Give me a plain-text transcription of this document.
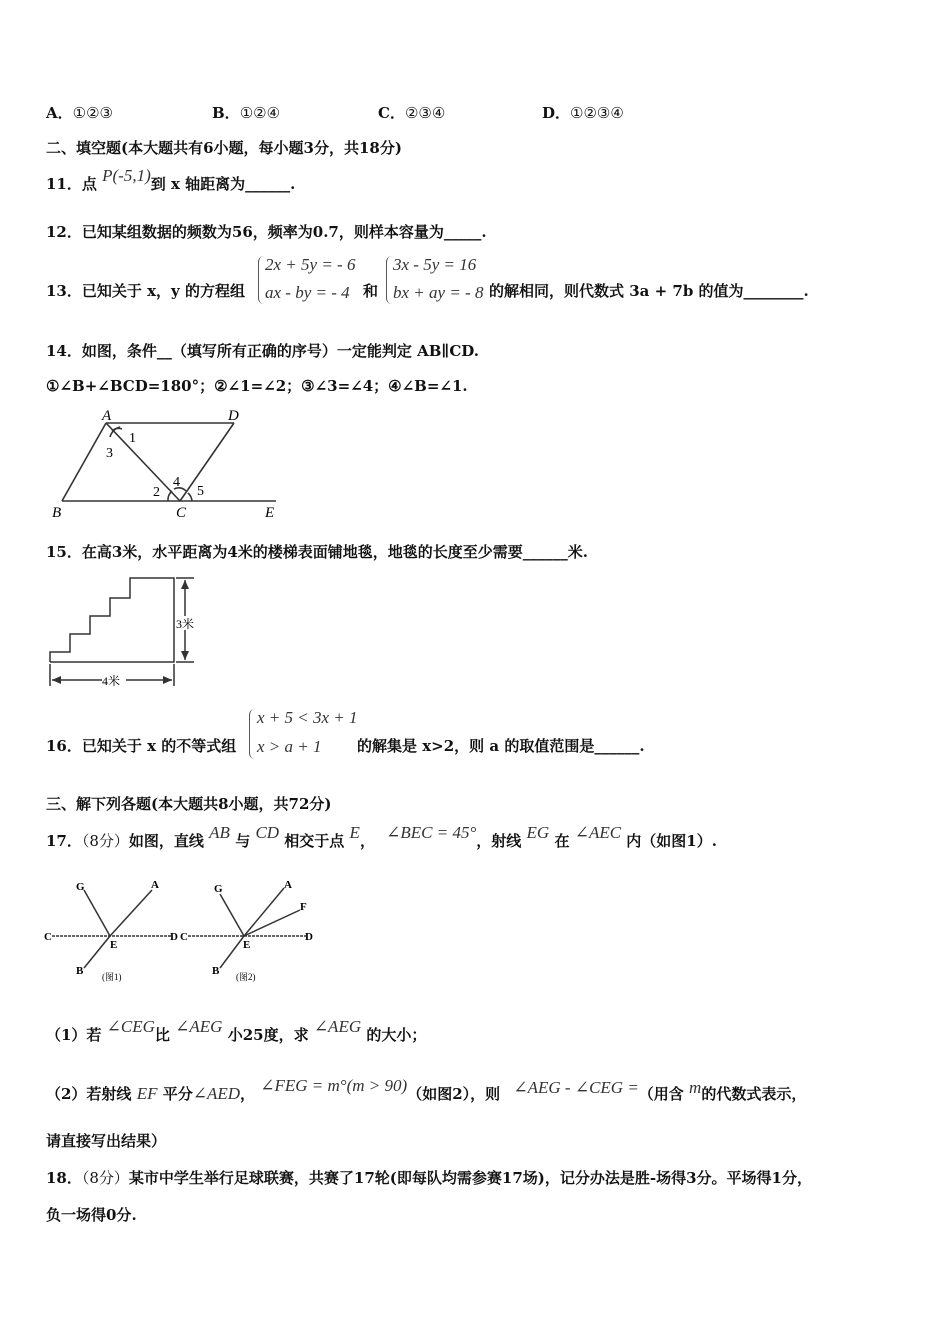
A．①②③	B．①②④	C．②③④	D．①②③④
二、填空题(本大题共有6小题，每小题3分，共18分)
11．点 P(-5,1)到 x 轴距离为______.
12．已知某组数据的频数为56，频率为0.7，则样本容量为_____.
13．已知关于 x，y 的方程组
2x + 5y = - 6
ax - by = - 4 和
3x - 5y = 16
bx + ay = - 8 的解相同，则代数式 3a + 7b 的值为________.
14．如图，条件__（填写所有正确的序号）一定能判定 AB∥CD.
①∠B+∠BCD=180°；②∠1=∠2；③∠3=∠4；④∠B=∠1.
A	D
B	C	E
1
3
2
4
5
15．在高3米，水平距离为4米的楼梯表面铺地毯，地毯的长度至少需要______米.
3米
4米
16．已知关于 x 的不等式组
x + 5 < 3x + 1
x > a + 1 的解集是 x>2，则 a 的取值范围是______.
三、解下列各题(本大题共8小题，共72分)
17．（8分）如图，直线 AB 与 CD 相交于点 E， ∠BEC = 45°，射线 EG 在 ∠AEC 内（如图1）.
G	A
C
E
D
B (图1)
G	A
F
C
E
D
B (图2)
（1）若 ∠CEG比 ∠AEG 小25度，求 ∠AEG 的大小；
（2）若射线 EF 平分∠AED， ∠FEG = m°(m > 90)（如图2），则 ∠AEG - ∠CEG =（用含 m的代数式表示，
请直接写出结果）
18．（8分）某市中学生举行足球联赛，共赛了17轮(即每队均需参赛17场)，记分办法是胜-场得3分。平场得1分，
负一场得0分.
